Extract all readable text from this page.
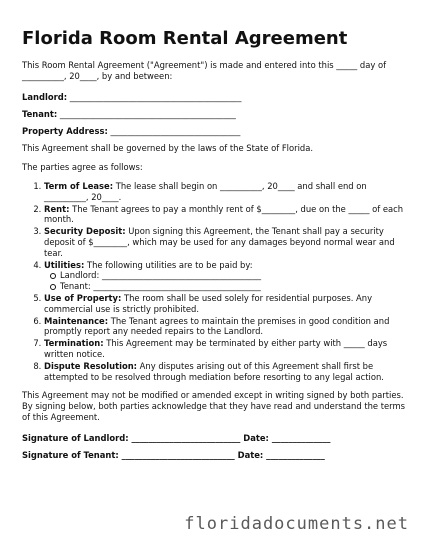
Florida Room Rental Agreement

This Room Rental Agreement ("Agreement") is made and entered into this _____ day of __________, 20____, by and between:

Landlord: _________________________________________
Tenant: __________________________________________
Property Address: _______________________________

This Agreement shall be governed by the laws of the State of Florida.

The parties agree as follows:

1. Term of Lease: The lease shall begin on __________, 20____ and shall end on __________, 20____.
2. Rent: The Tenant agrees to pay a monthly rent of $________, due on the _____ of each month.
3. Security Deposit: Upon signing this Agreement, the Tenant shall pay a security deposit of $________, which may be used for any damages beyond normal wear and tear.
4. Utilities: The following utilities are to be paid by:
Landlord: ______________________________________
Tenant: ________________________________________
5. Use of Property: The room shall be used solely for residential purposes. Any commercial use is strictly prohibited.
6. Maintenance: The Tenant agrees to maintain the premises in good condition and promptly report any needed repairs to the Landlord.
7. Termination: This Agreement may be terminated by either party with _____ days written notice.
8. Dispute Resolution: Any disputes arising out of this Agreement shall first be attempted to be resolved through mediation before resorting to any legal action.

This Agreement may not be modified or amended except in writing signed by both parties. By signing below, both parties acknowledge that they have read and understand the terms of this Agreement.

Signature of Landlord: __________________________ Date: ______________
Signature of Tenant: ___________________________ Date: ______________
floridadocuments.net
